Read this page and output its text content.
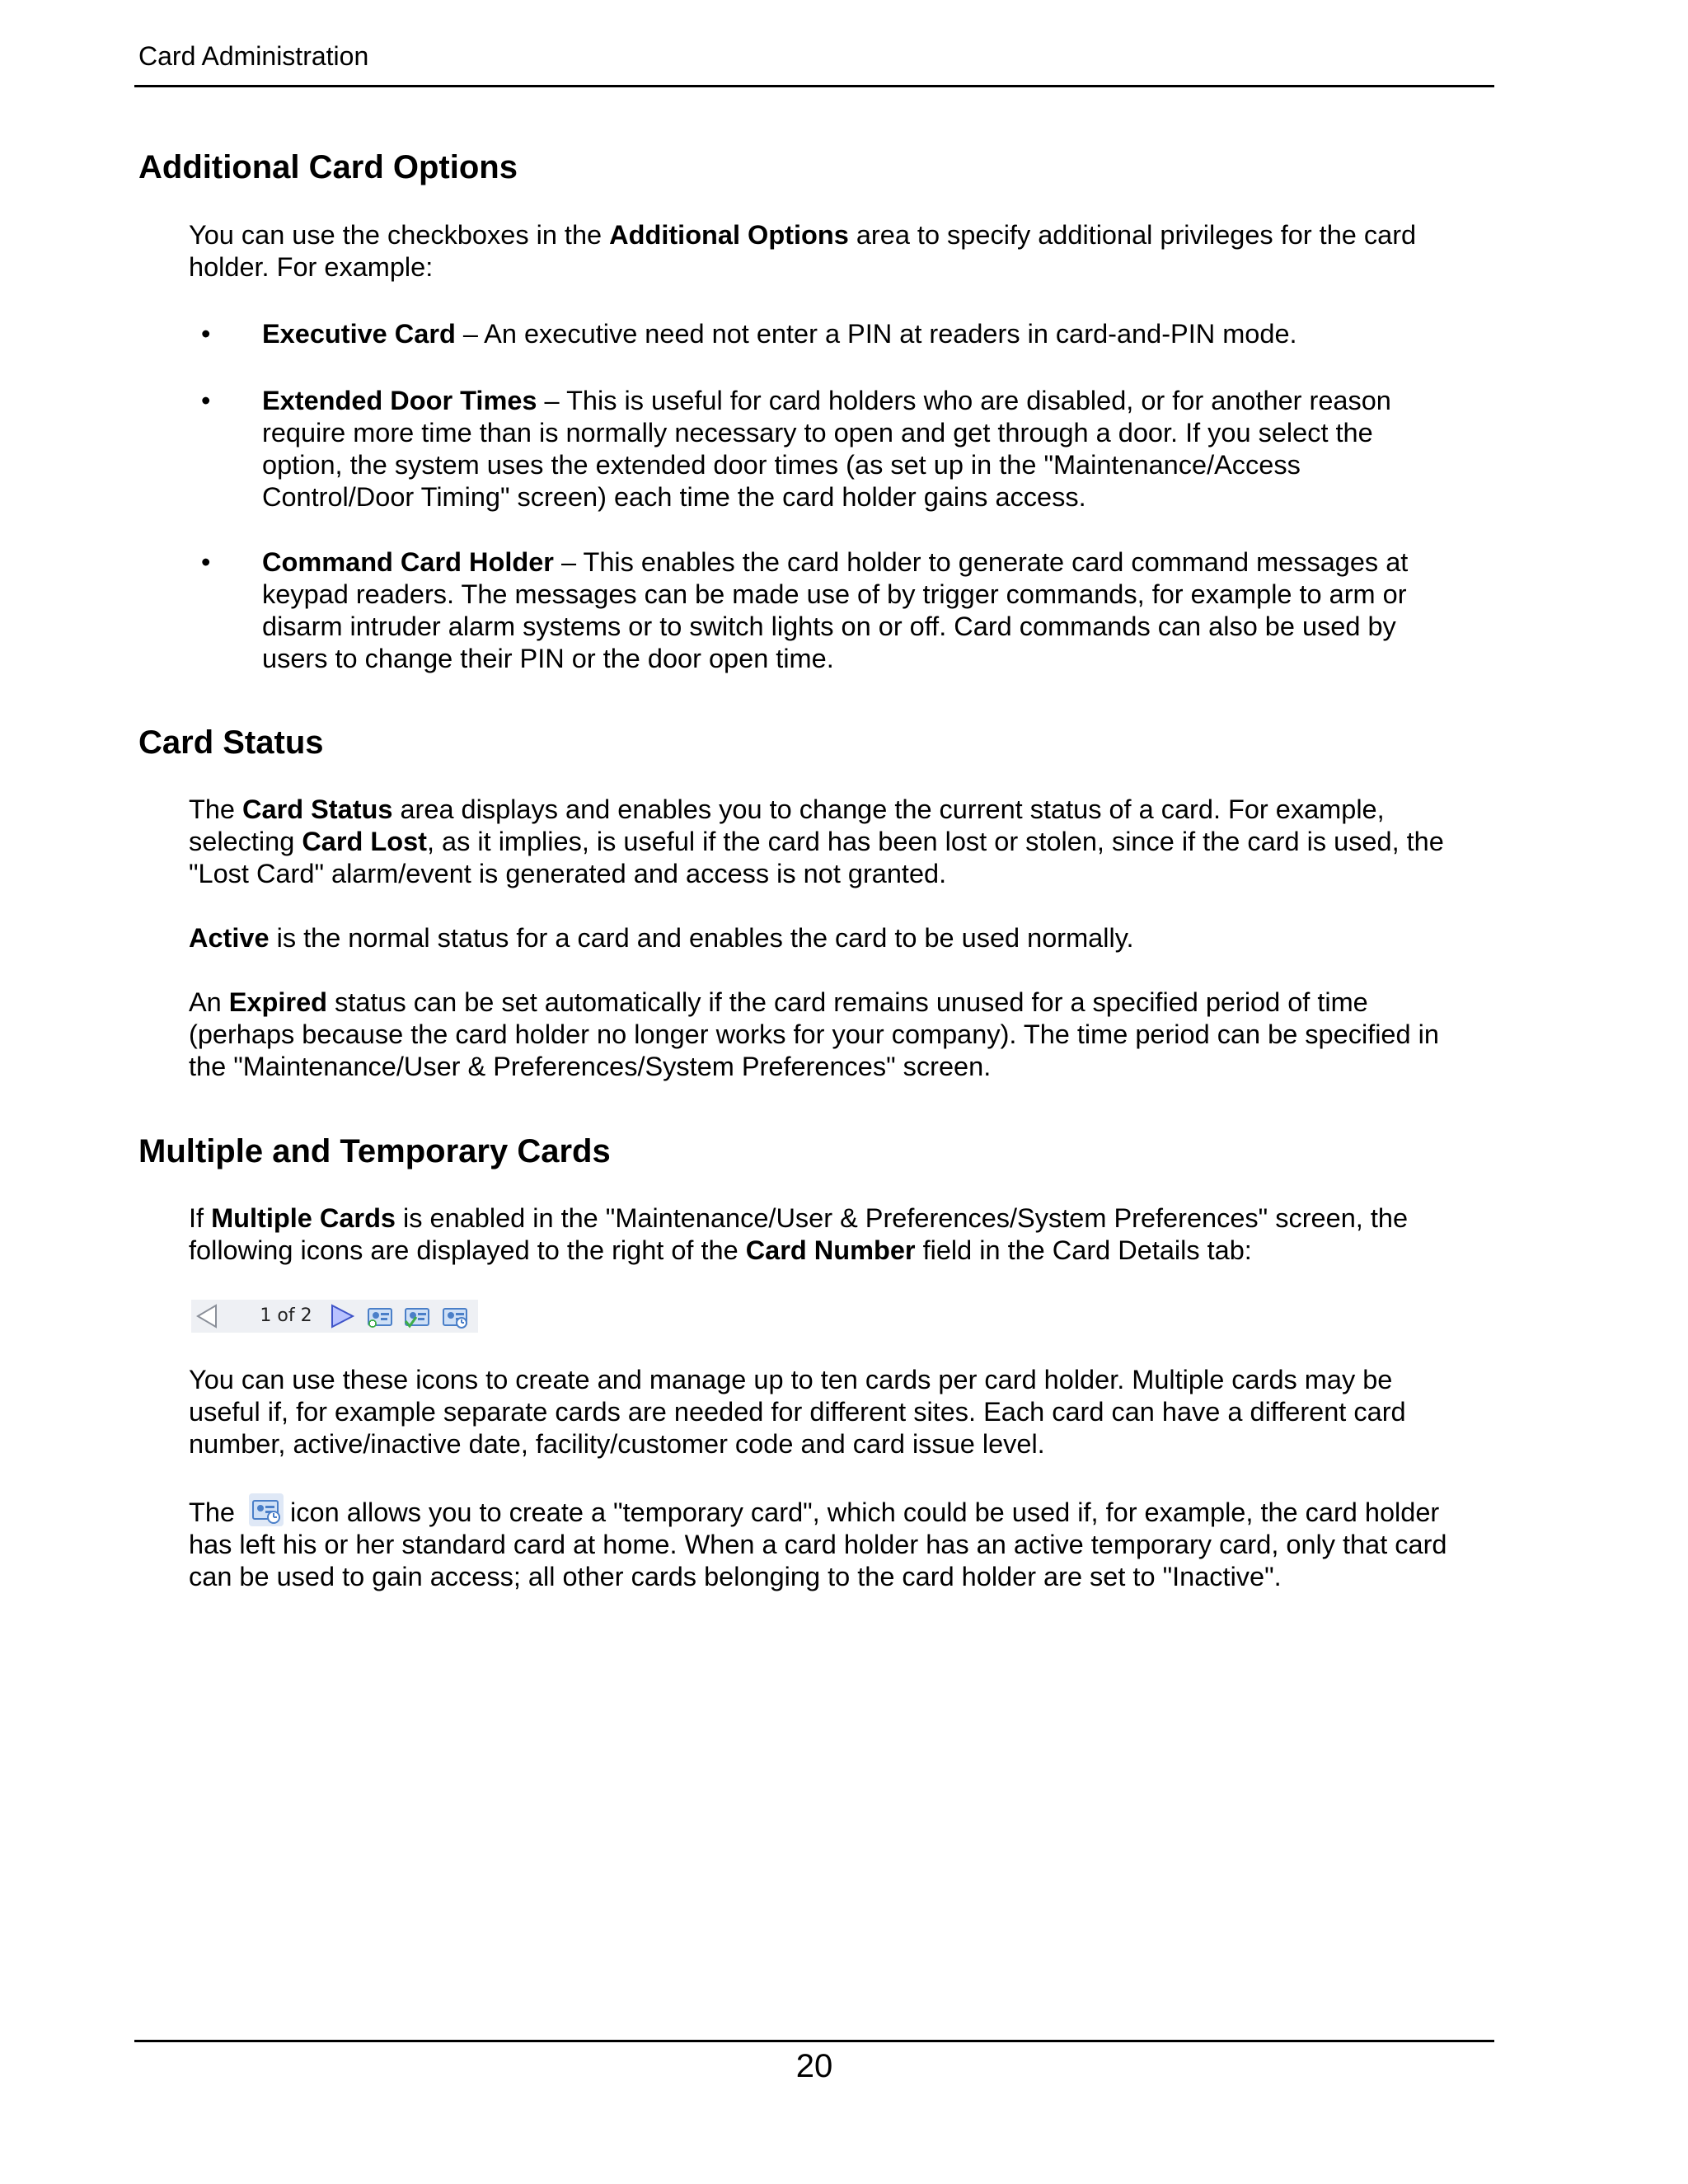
Card Administration
Additional Card Options

You can use the checkboxes in the Additional Options area to specify additional privileges for the card
holder. For example:

• Executive Card – An executive need not enter a PIN at readers in card-and-PIN mode.

• Extended Door Times – This is useful for card holders who are disabled, or for another reason
require more time than is normally necessary to open and get through a door. If you select the
option, the system uses the extended door times (as set up in the "Maintenance/Access
Control/Door Timing" screen) each time the card holder gains access.

• Command Card Holder – This enables the card holder to generate card command messages at
keypad readers. The messages can be made use of by trigger commands, for example to arm or
disarm intruder alarm systems or to switch lights on or off. Card commands can also be used by
users to change their PIN or the door open time.

Card Status

The Card Status area displays and enables you to change the current status of a card. For example,
selecting Card Lost, as it implies, is useful if the card has been lost or stolen, since if the card is used, the
"Lost Card" alarm/event is generated and access is not granted.

Active is the normal status for a card and enables the card to be used normally.

An Expired status can be set automatically if the card remains unused for a specified period of time
(perhaps because the card holder no longer works for your company). The time period can be specified in
the "Maintenance/User & Preferences/System Preferences" screen.

Multiple and Temporary Cards

If Multiple Cards is enabled in the "Maintenance/User & Preferences/System Preferences" screen, the
following icons are displayed to the right of the Card Number field in the Card Details tab:

1 of 2

You can use these icons to create and manage up to ten cards per card holder. Multiple cards may be
useful if, for example separate cards are needed for different sites. Each card can have a different card
number, active/inactive date, facility/customer code and card issue level.

The icon allows you to create a "temporary card", which could be used if, for example, the card holder
has left his or her standard card at home. When a card holder has an active temporary card, only that card
can be used to gain access; all other cards belonging to the card holder are set to "Inactive".

20
